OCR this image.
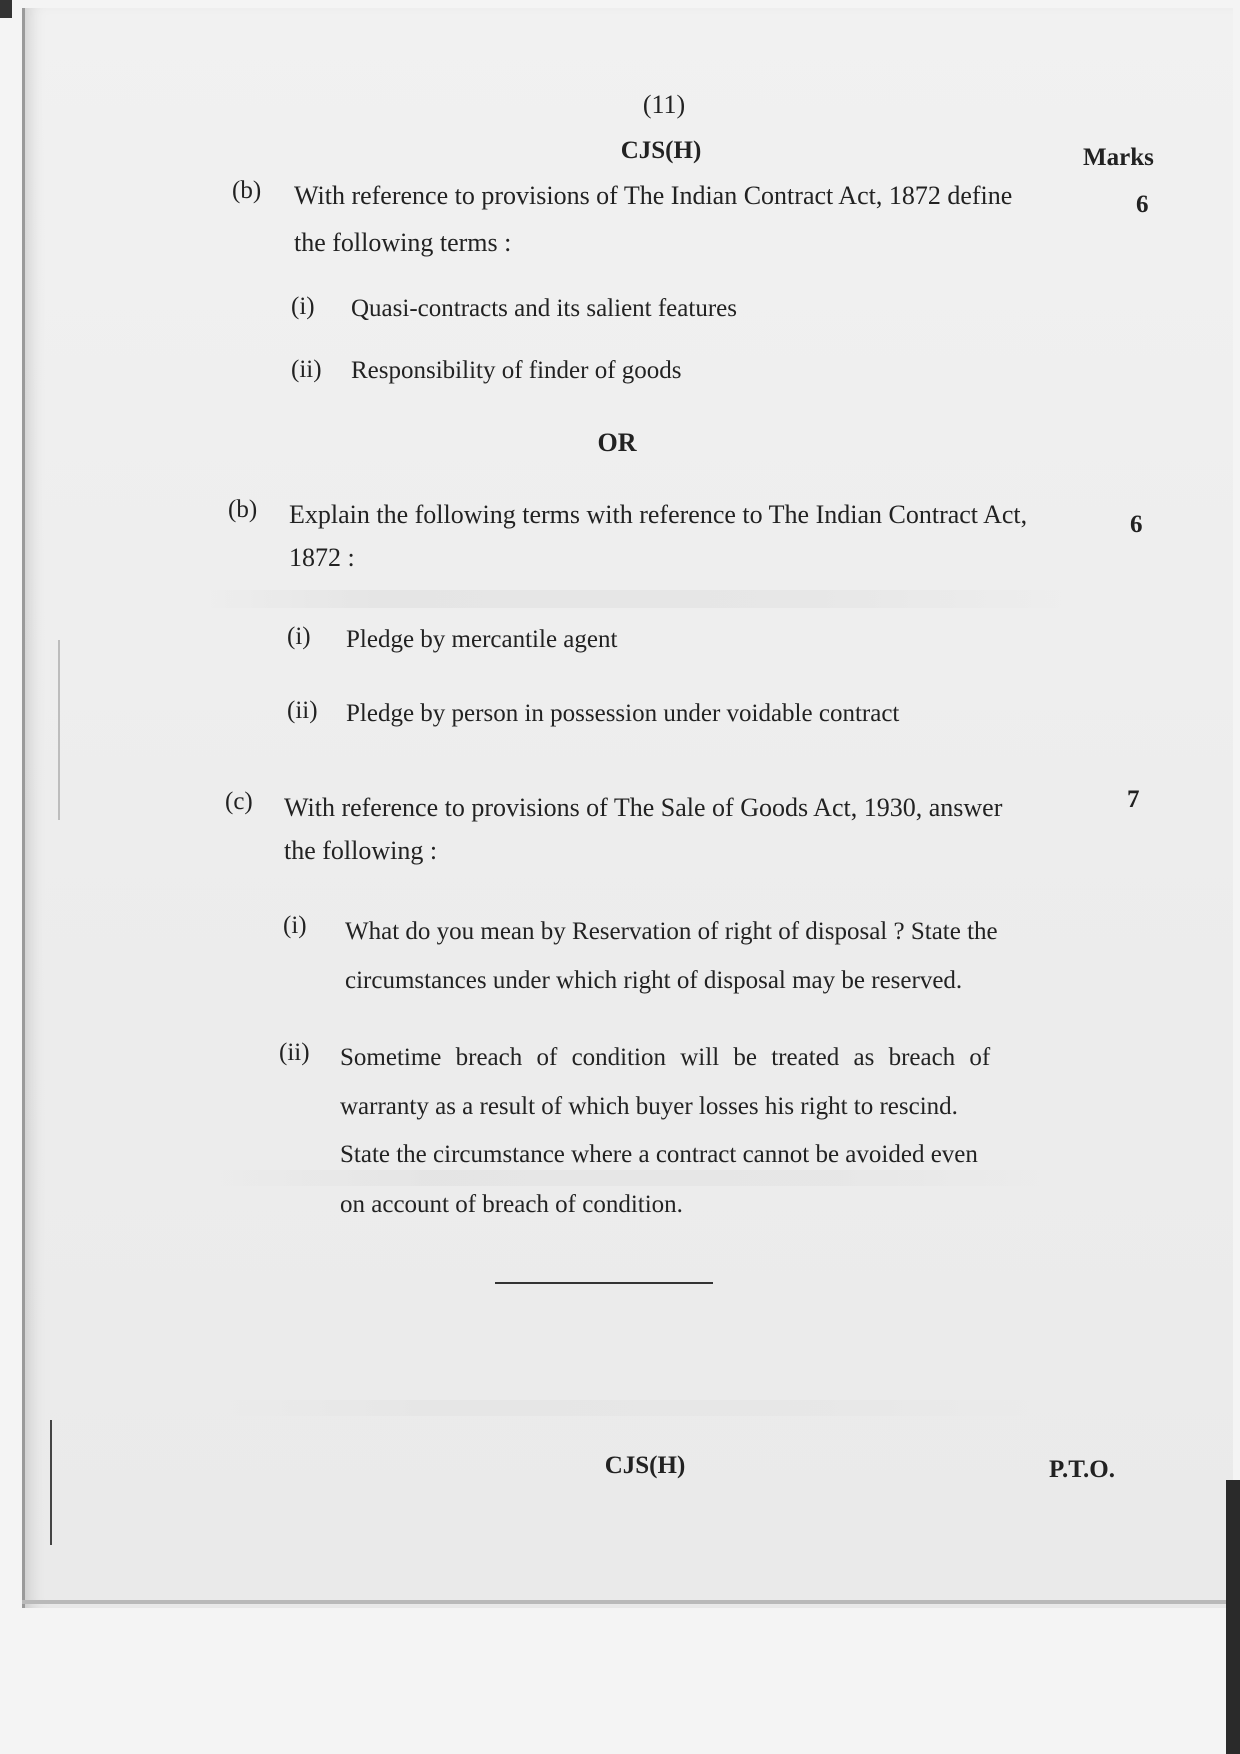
(11)
CJS(H)	Marks
(b) With reference to provisions of The Indian Contract Act, 1872 define
the following terms :
6
(i) Quasi-contracts and its salient features
(ii) Responsibility of finder of goods
OR
(b) Explain the following terms with reference to The Indian Contract Act,
1872 :
6
(i) Pledge by mercantile agent
(ii) Pledge by person in possession under voidable contract
(c) With reference to provisions of The Sale of Goods Act, 1930, answer
the following :
7
(i) What do you mean by Reservation of right of disposal ? State the
circumstances under which right of disposal may be reserved.
(ii) Sometime breach of condition will be treated as breach of
warranty as a result of which buyer losses his right to rescind.
State the circumstance where a contract cannot be avoided even
on account of breach of condition.
CJS(H)	P.T.O.
